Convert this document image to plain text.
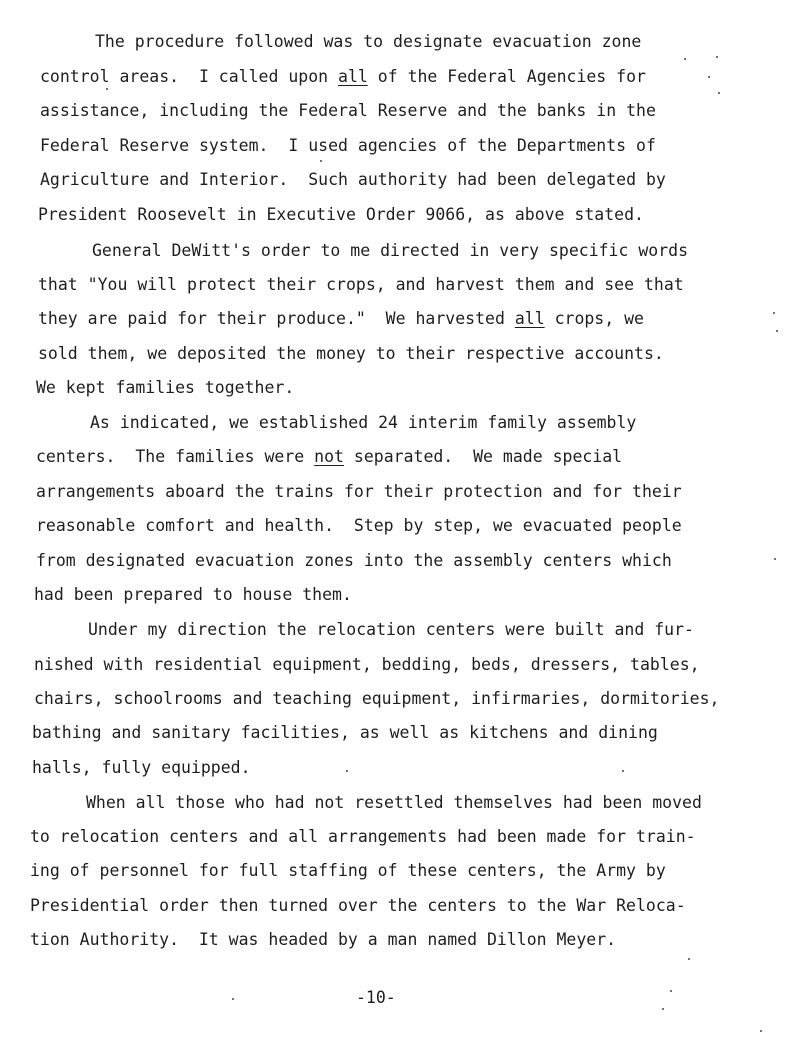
The procedure followed was to designate evacuation zone
control areas.  I called upon all of the Federal Agencies for
assistance, including the Federal Reserve and the banks in the
Federal Reserve system.  I used agencies of the Departments of
Agriculture and Interior.  Such authority had been delegated by
President Roosevelt in Executive Order 9066, as above stated.
General DeWitt's order to me directed in very specific words
that "You will protect their crops, and harvest them and see that
they are paid for their produce."  We harvested all crops, we
sold them, we deposited the money to their respective accounts.
We kept families together.
As indicated, we established 24 interim family assembly
centers.  The families were not separated.  We made special
arrangements aboard the trains for their protection and for their
reasonable comfort and health.  Step by step, we evacuated people
from designated evacuation zones into the assembly centers which
had been prepared to house them.
Under my direction the relocation centers were built and fur-
nished with residential equipment, bedding, beds, dressers, tables,
chairs, schoolrooms and teaching equipment, infirmaries, dormitories,
bathing and sanitary facilities, as well as kitchens and dining
halls, fully equipped.
When all those who had not resettled themselves had been moved
to relocation centers and all arrangements had been made for train-
ing of personnel for full staffing of these centers, the Army by
Presidential order then turned over the centers to the War Reloca-
tion Authority.  It was headed by a man named Dillon Meyer.
-10-
